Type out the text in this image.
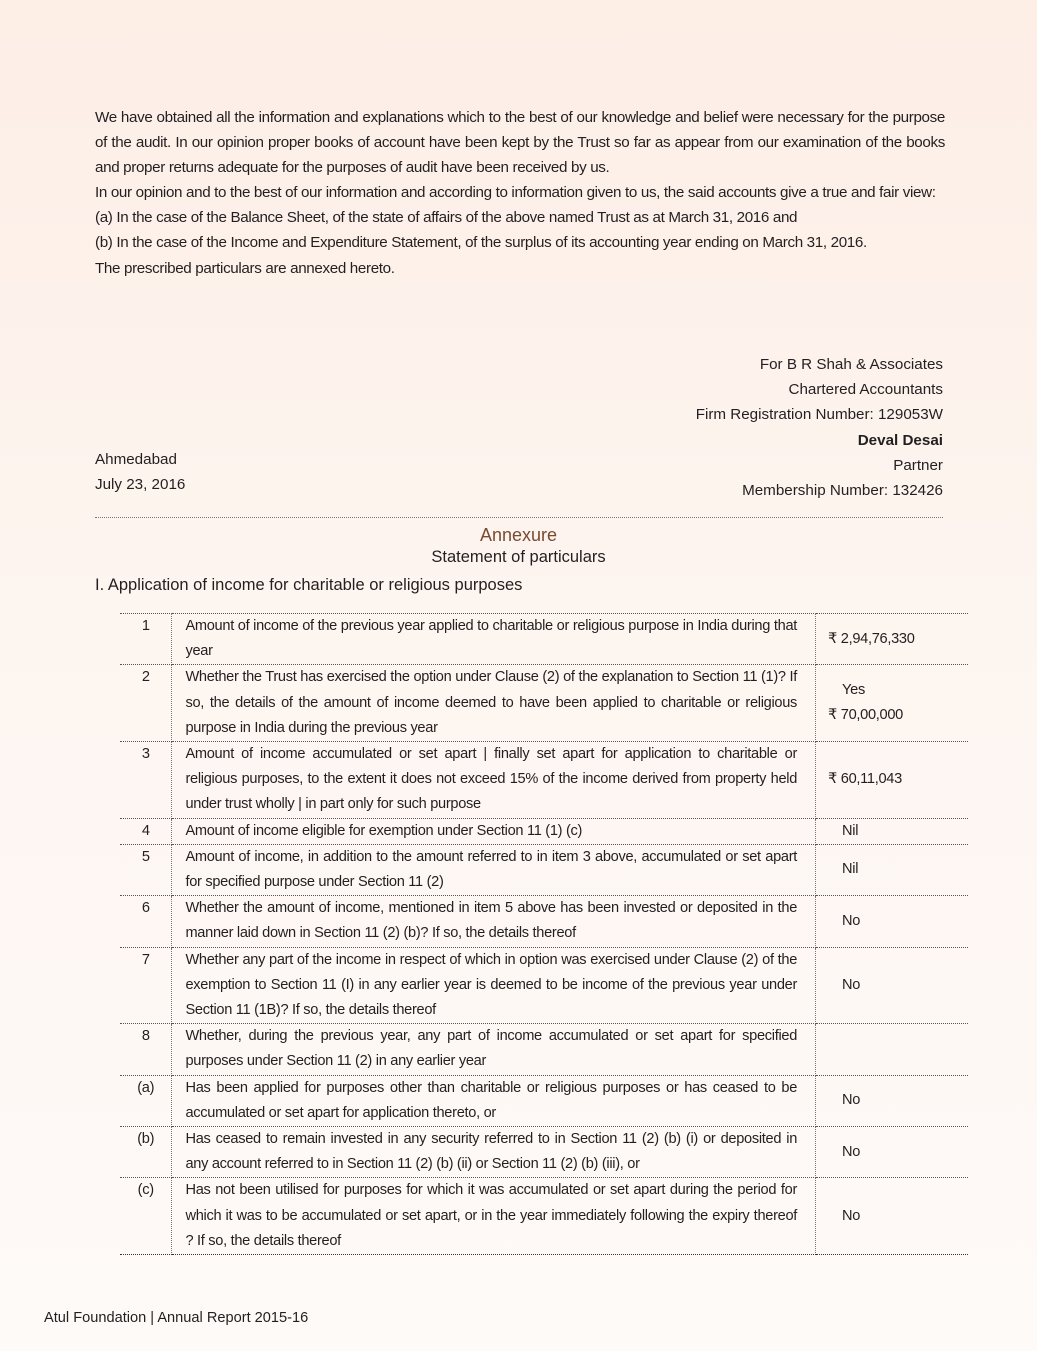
We have obtained all the information and explanations which to the best of our knowledge and belief were necessary for the purpose of the audit. In our opinion proper books of account have been kept by the Trust so far as appear from our examination of the books and proper returns adequate for the purposes of audit have been received by us.

In our opinion and to the best of our information and according to information given to us, the said accounts give a true and fair view:

(a) In the case of the Balance Sheet, of the state of affairs of the above named Trust as at March 31, 2016 and

(b) In the case of the Income and Expenditure Statement, of the surplus of its accounting year ending on March 31, 2016.

The prescribed particulars are annexed hereto.

For B R Shah & Associates
Chartered Accountants
Firm Registration Number: 129053W
Deval Desai
Partner
Membership Number: 132426
Ahmedabad
July 23, 2016
Annexure
Statement of particulars
I. Application of income for charitable or religious purposes
1	Amount of income of the previous year applied to charitable or religious purpose in India during that year	₹ 2,94,76,330
2	Whether the Trust has exercised the option under Clause (2) of the explanation to Section 11 (1)? If so, the details of the amount of income deemed to have been applied to charitable or religious purpose in India during the previous year	Yes
₹ 70,00,000
3	Amount of income accumulated or set apart | finally set apart for application to charitable or religious purposes, to the extent it does not exceed 15% of the income derived from property held under trust wholly | in part only for such purpose	₹ 60,11,043
4	Amount of income eligible for exemption under Section 11 (1) (c)	Nil
5	Amount of income, in addition to the amount referred to in item 3 above, accumulated or set apart for specified purpose under Section 11 (2)	Nil
6	Whether the amount of income, mentioned in item 5 above has been invested or deposited in the manner laid down in Section 11 (2) (b)? If so, the details thereof	No
7	Whether any part of the income in respect of which in option was exercised under Clause (2) of the exemption to Section 11 (I) in any earlier year is deemed to be income of the previous year under Section 11 (1B)? If so, the details thereof	No
8	Whether, during the previous year, any part of income accumulated or set apart for specified purposes under Section 11 (2) in any earlier year	
(a)	Has been applied for purposes other than charitable or religious purposes or has ceased to be accumulated or set apart for application thereto, or	No
(b)	Has ceased to remain invested in any security referred to in Section 11 (2) (b) (i) or deposited in any account referred to in Section 11 (2) (b) (ii) or Section 11 (2) (b) (iii), or	No
(c)	Has not been utilised for purposes for which it was accumulated or set apart during the period for which it was to be accumulated or set apart, or in the year immediately following the expiry thereof ? If so, the details thereof	No
Atul Foundation | Annual Report 2015-16
